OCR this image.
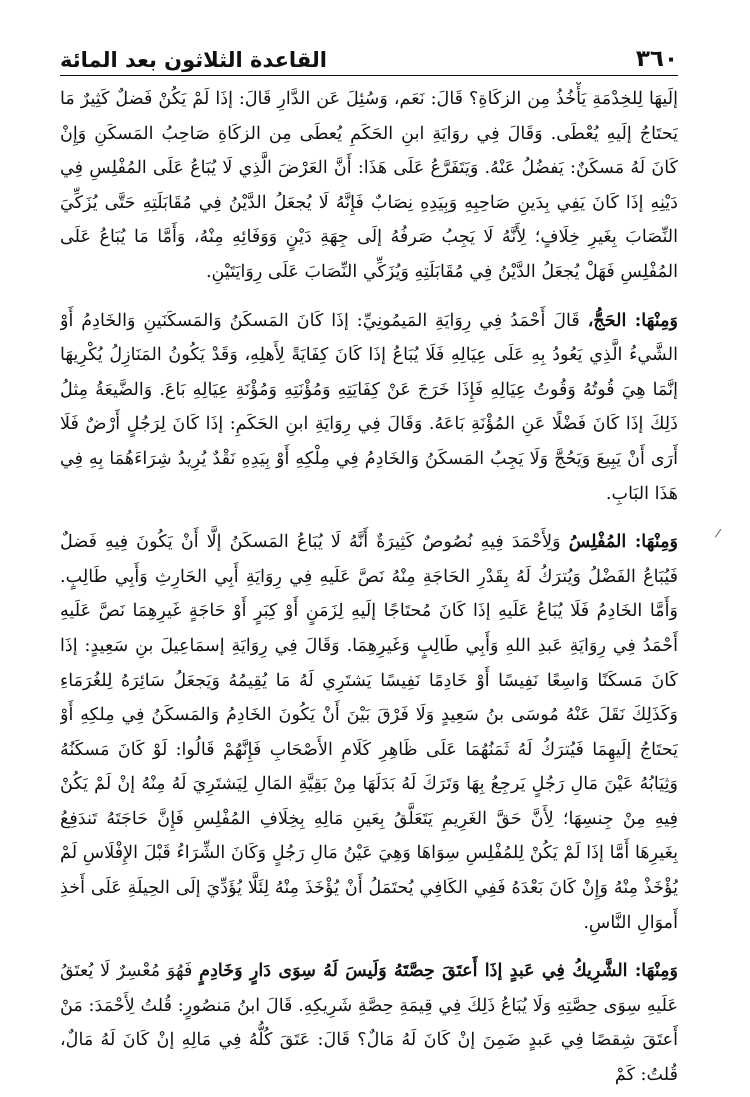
٣٦٠
القاعدة الثلاثون بعد المائة

إلَيهَا لِلخِدْمَةِ يَأْخُذُ مِن الزكَاةِ؟ قَالَ: نَعَم، وَسُئِلَ عَن الدَّارِ قَالَ: إذَا لَمْ يَكُنْ فَضلٌ كَثِيرٌ مَا يَحتَاجُ إلَيهِ يُعْطَى. وَقَالَ فِي روَايَةِ ابنِ الحَكَمِ يُعطَى مِن الزكَاةِ صَاحِبُ المَسكَنِ وَإِنْ كَانَ لَهُ مَسكَنٌ: يَفضُلُ عَنْهُ. وَيَتَفَرَّعُ عَلَى هَذَا: أَنَّ العَرْضَ الَّذِي لَا يُبَاعُ عَلَى المُفْلِسِ فِي دَيْنِهِ إذَا كَانَ يَفِي بِدَينِ صَاحِبِهِ وَبِيَدِهِ نِصَابٌ فَإِنَّهُ لَا يُجعَلُ الدَّيْنُ فِي مُقَابَلَتِهِ حَتَّى يُزَكِّيَ النِّصَابَ بِغَيرِ خِلَافٍ؛ لِأَنَّهُ لَا يَجِبُ صَرفُهُ إلَى جِهَةِ دَيْنٍ وَوَفَائِهِ مِنْهُ، وَأَمَّا مَا يُبَاعُ عَلَى المُفْلِسِ فَهَلْ يُجعَلُ الدَّيْنُ فِي مُقَابَلَتِهِ وَيُزَكِّي النِّصَابَ عَلَى رِوَايَتَيْنِ.

وَمِنْهَا: الحَجُّ، قَالَ أَحْمَدُ فِي رِوَايَةِ المَيمُونِيِّ: إذَا كَانَ المَسكَنُ وَالمَسكَنَينِ وَالخَادِمُ أَوْ الشَّيءُ الَّذِي يَعُودُ بِهِ عَلَى عِيَالِهِ فَلَا يُبَاعُ إذَا كَانَ كِفَايَةً لِأَهلِهِ، وَقَدْ يَكُونُ المَنَازِلُ يُكْرِيهَا إنَّمَا هِيَ قُوتُهُ وَقُوتُ عِيَالِهِ فَإِذَا خَرَجَ عَنْ كِفَايَتِهِ وَمُؤْنَتِهِ وَمُؤْنَةِ عِيَالِهِ بَاعَ. وَالضَّيعَةُ مِثلُ ذَلِكَ إذَا كَانَ فَضْلًا عَنِ المُؤْنَةِ بَاعَهُ. وَقَالَ فِي رِوَايَةِ ابنِ الحَكَمِ: إذَا كَانَ لِرَجُلٍ أَرْضٌ فَلَا أَرَى أَنْ يَبِيعَ وَيَحُجَّ وَلَا يَجِبُ المَسكَنُ وَالخَادِمُ فِي مِلْكِهِ أَوْ بِيَدِهِ نَقْدٌ يُرِيدُ شِرَاءَهُمَا بِهِ فِي هَذَا البَابِ.

وَمِنْهَا: المُفْلِسُ وَلِأَحْمَدَ فِيهِ نُصُوصٌ كَثِيرَةٌ أَنَّهُ لَا يُبَاعُ المَسكَنُ إلَّا أَنْ يَكُونَ فِيهِ فَضلٌ فَيُبَاعُ الفَضْلُ وَيُترَكُ لَهُ بِقَدْرِ الحَاجَةِ مِنْهُ نَصَّ عَلَيهِ فِي رِوَايَةِ أَبِي الحَارِثِ وَأَبِي طَالِبٍ. وَأَمَّا الخَادِمُ فَلَا يُبَاعُ عَلَيهِ إذَا كَانَ مُحتَاجًا إلَيهِ لِزَمَنٍ أَوْ كِبَرٍ أَوْ حَاجَةٍ غَيرِهِمَا نَصَّ عَلَيهِ أَحْمَدُ فِي رِوَايَةِ عَبدِ اللهِ وَأَبِي طَالِبٍ وَغَيرِهِمَا. وَقَالَ فِي رِوَايَةِ إسمَاعِيلَ بنِ سَعِيدٍ: إذَا كَانَ مَسكَنًا وَاسِعًا نَفِيسًا أَوْ خَادِمًا نَفِيسًا يَشتَرِي لَهُ مَا يُقِيمُهُ وَيَجعَلُ سَائِرَهُ لِلغُرَمَاءِ وَكَذَلِكَ نَقَلَ عَنْهُ مُوسَى بنُ سَعِيدٍ وَلَا فَرْقَ بَيْنَ أَنْ يَكُونَ الخَادِمُ وَالمَسكَنُ فِي مِلكِهِ أَوْ يَحتَاجُ إلَيهِمَا فَيُترَكُ لَهُ ثَمَنُهُمَا عَلَى ظَاهِرِ كَلَامِ الأَصْحَابِ فَإِنَّهُمْ قَالُوا: لَوْ كَانَ مَسكَنُهُ وَثِيَابُهُ عَيْنَ مَالِ رَجُلٍ يَرجِعُ بِهَا وَتَرَكَ لَهُ بَدَلَهَا مِنْ بَقِيَّةِ المَالِ لِيَشتَرِيَ لَهُ مِنْهُ إنْ لَمْ يَكُنْ فِيهِ مِنْ جِنسِهَا؛ لِأَنَّ حَقَّ الغَرِيمِ يَتَعَلَّقُ بِعَينِ مَالِهِ بِخِلَافِ المُفْلِسِ فَإِنَّ حَاجَتَهُ تَندَفِعُ بِغَيرِهَا أَمَّا إذَا لَمْ يَكُنْ لِلمُفْلِسِ سِوَاهَا وَهِيَ عَيْنُ مَالِ رَجُلٍ وَكَانَ الشِّرَاءُ قَبْلَ الإِفْلَاسِ لَمْ يُؤْخَذْ مِنْهُ وَإِنْ كَانَ بَعْدَهُ فَفِي الكَافِي يُحتَمَلُ أَنْ يُؤْخَذَ مِنْهُ لِئَلَّا يُؤَدِّيَ إلَى الحِيلَةِ عَلَى أَخذِ أَموَالِ النَّاسِ.

وَمِنْهَا: الشَّرِيكُ فِي عَبدٍ إذَا أَعتَقَ حِصَّتَهُ وَلَيسَ لَهُ سِوَى دَارٍ وَخَادِمٍ فَهُوَ مُعْسِرٌ لَا يُعتَقُ عَلَيهِ سِوَى حِصَّتِهِ وَلَا يُبَاعُ ذَلِكَ فِي قِيمَةِ حِصَّةِ شَرِيكِهِ. قَالَ ابنُ مَنصُورٍ: قُلتُ لِأَحْمَدَ: مَنْ أَعتَقَ شِقصًا فِي عَبدٍ ضَمِنَ إنْ كَانَ لَهُ مَالٌ؟ قَالَ: عَتَقَ كُلُّهُ فِي مَالِهِ إنْ كَانَ لَهُ مَالٌ، قُلتُ: كَمْ
